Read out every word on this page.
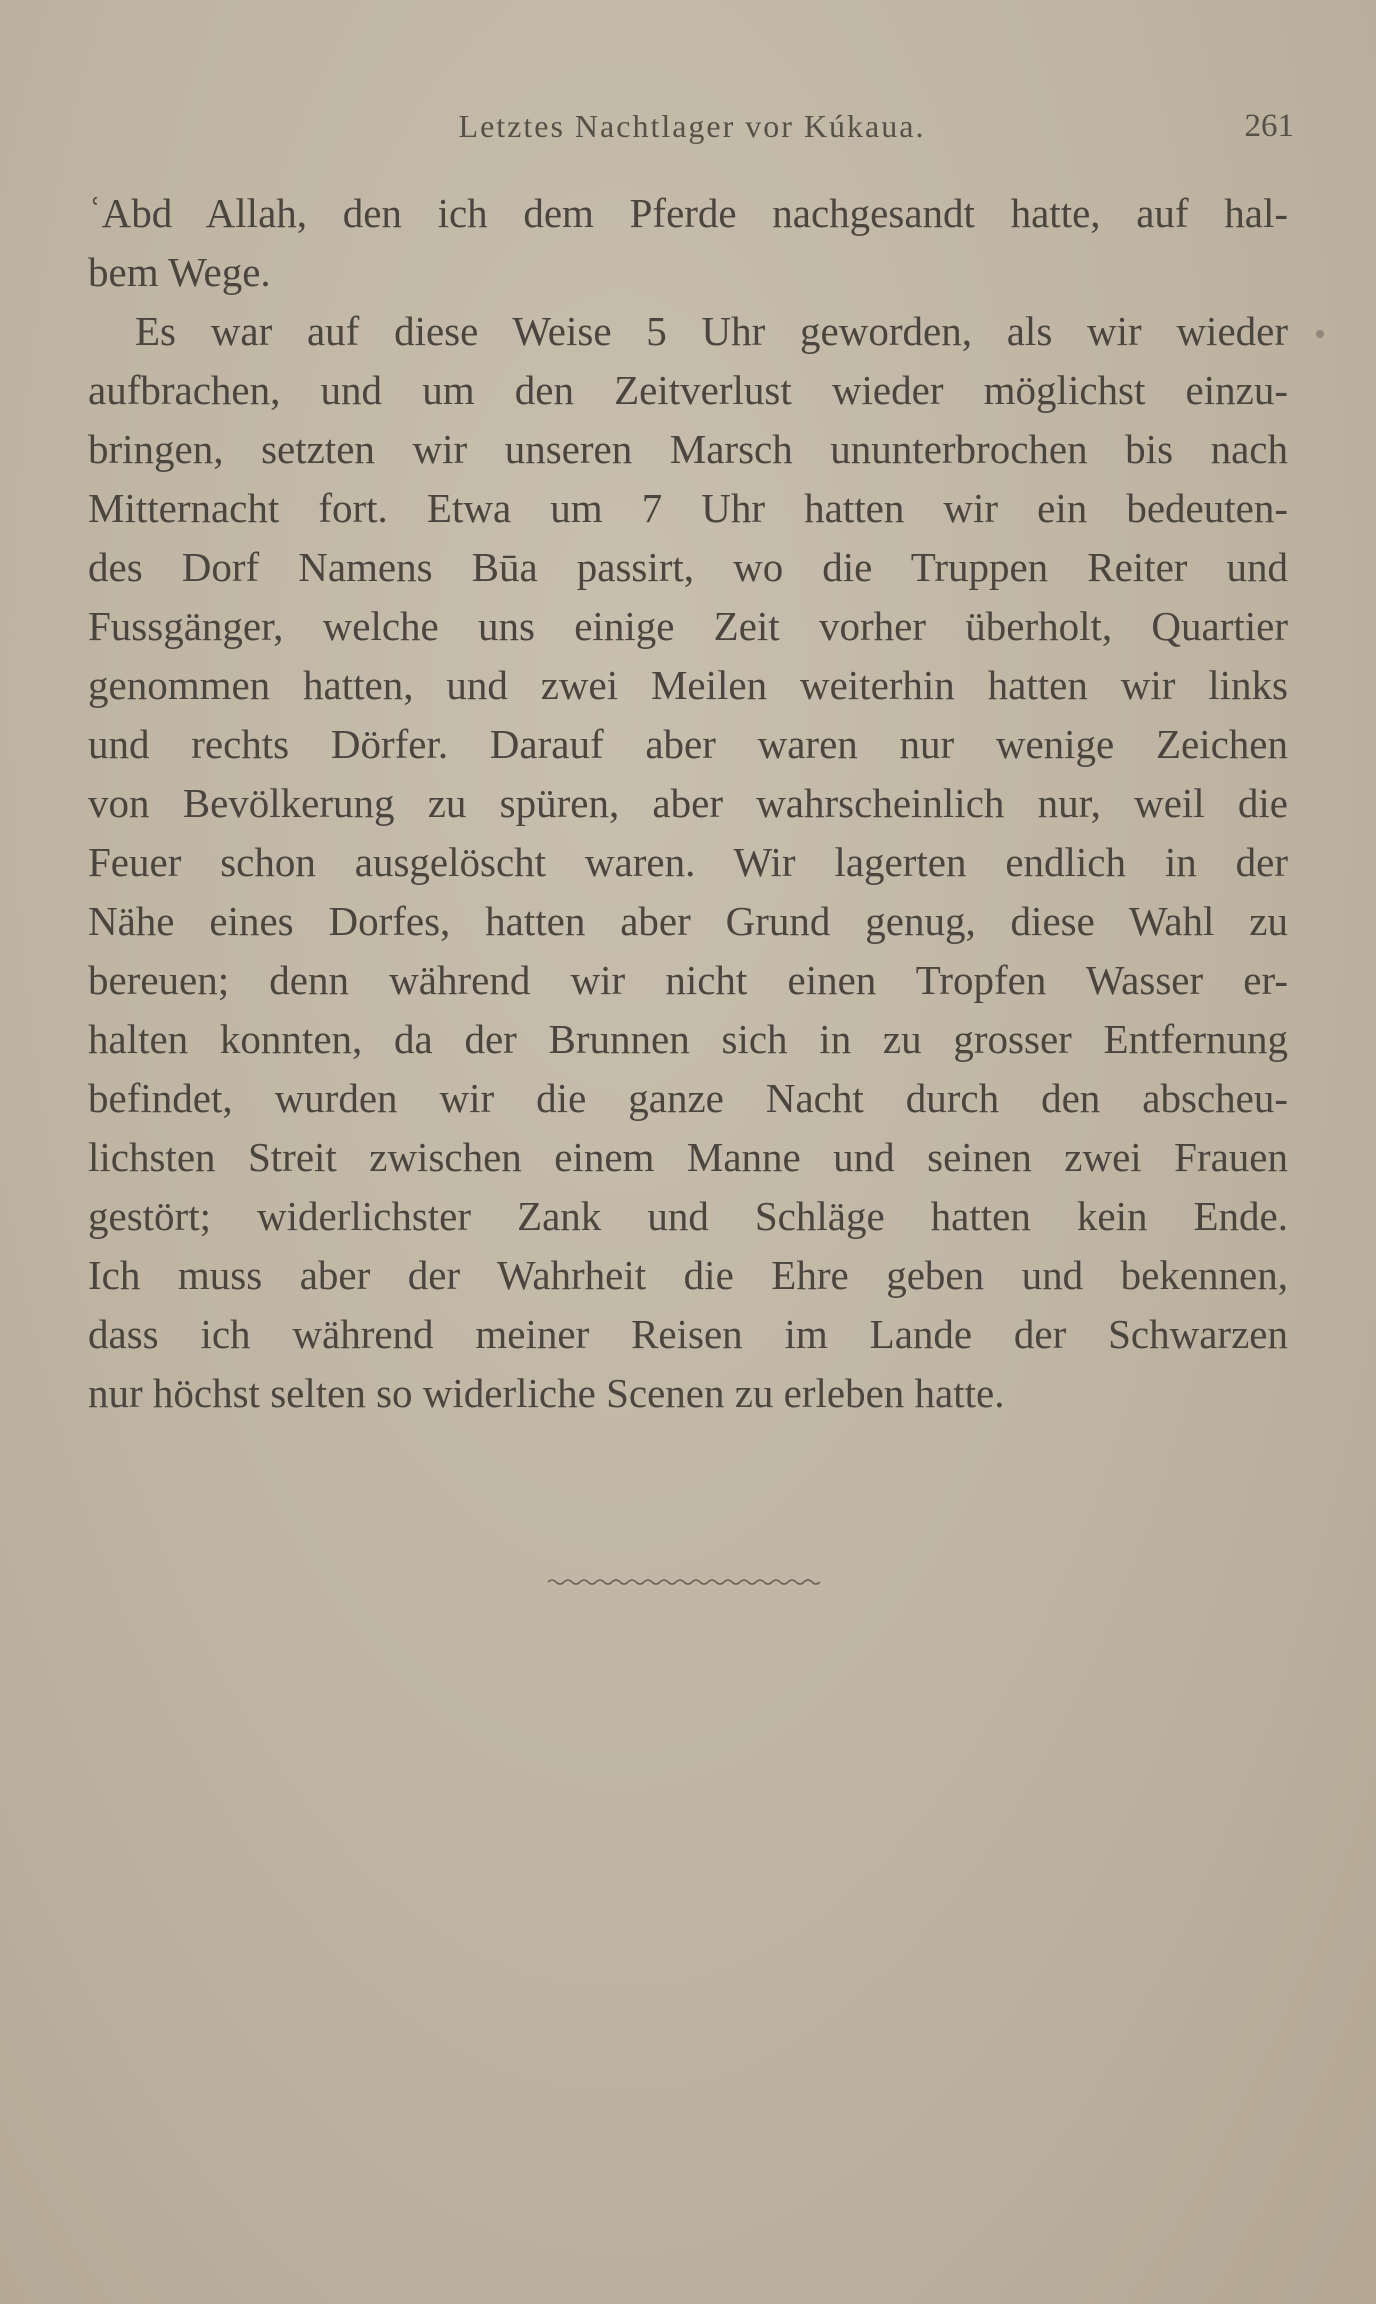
Letztes Nachtlager vor Kúkaua.	261
ʿAbd Allah, den ich dem Pferde nachgesandt hatte, auf hal-
bem Wege.
Es war auf diese Weise 5 Uhr geworden, als wir wieder
aufbrachen, und um den Zeitverlust wieder möglichst einzu-
bringen, setzten wir unseren Marsch ununterbrochen bis nach
Mitternacht fort. Etwa um 7 Uhr hatten wir ein bedeuten-
des Dorf Namens Būa passirt, wo die Truppen Reiter und
Fussgänger, welche uns einige Zeit vorher überholt, Quartier
genommen hatten, und zwei Meilen weiterhin hatten wir links
und rechts Dörfer. Darauf aber waren nur wenige Zeichen
von Bevölkerung zu spüren, aber wahrscheinlich nur, weil die
Feuer schon ausgelöscht waren. Wir lagerten endlich in der
Nähe eines Dorfes, hatten aber Grund genug, diese Wahl zu
bereuen; denn während wir nicht einen Tropfen Wasser er-
halten konnten, da der Brunnen sich in zu grosser Entfernung
befindet, wurden wir die ganze Nacht durch den abscheu-
lichsten Streit zwischen einem Manne und seinen zwei Frauen
gestört; widerlichster Zank und Schläge hatten kein Ende.
Ich muss aber der Wahrheit die Ehre geben und bekennen,
dass ich während meiner Reisen im Lande der Schwarzen
nur höchst selten so widerliche Scenen zu erleben hatte.
